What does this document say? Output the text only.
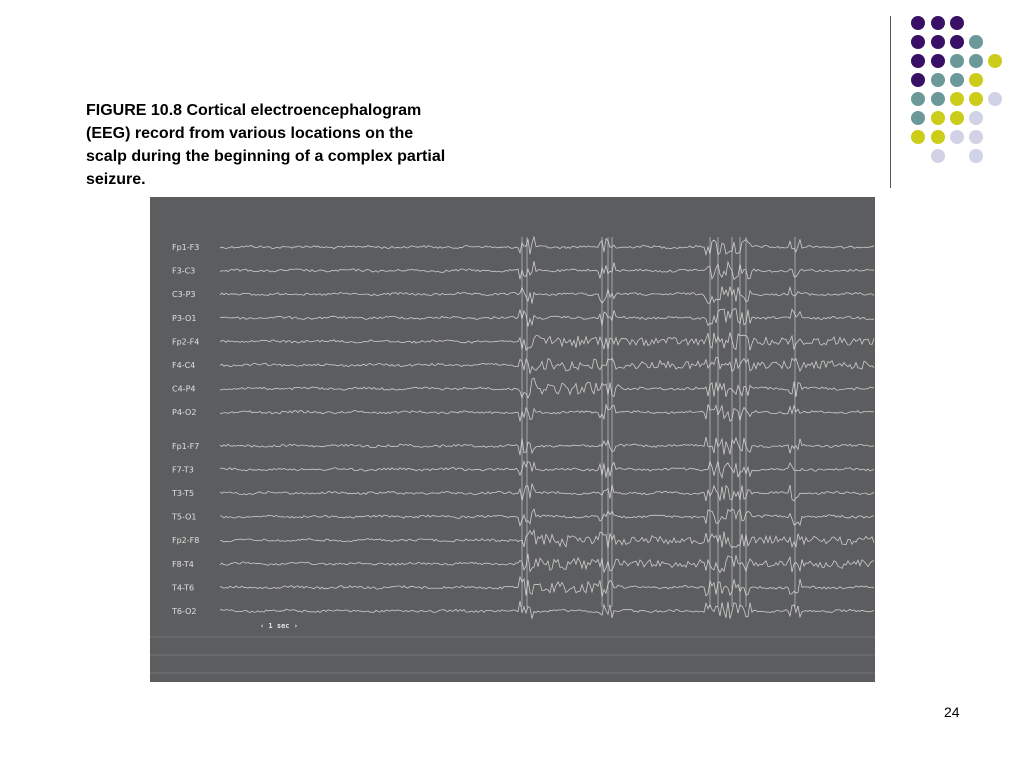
FIGURE 10.8 Cortical electroencephalogram (EEG) record from various locations on the scalp during the beginning of a complex partial seizure.
Fp1-F3
F3-C3
C3-P3
P3-O1
Fp2-F4
F4-C4
C4-P4
P4-O2
Fp1-F7
F7-T3
T3-T5
T5-O1
Fp2-F8
F8-T4
T4-T6
T6-O2
‹ 1 sec ›
24
